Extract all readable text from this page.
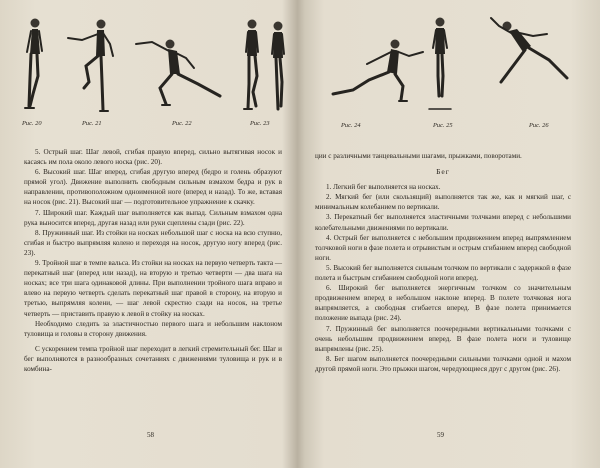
Рис. 20	Рис. 21	Рис. 22	Рис. 23

5. Острый шаг. Шаг левой, сгибая правую вперед, сильно вытягивая носок и касаясь им пола около левого носка (рис. 20).

6. Высокий шаг. Шаг вперед, сгибая другую вперед (бедро и голень образуют прямой угол). Движение выполнить свободным сильным взмахом бедра и рук в направлении, противоположном одноименной ноге (вперед и назад). То же, вставая на носок (рис. 21). Высокий шаг — подготовительное упражнение к скачку.

7. Широкий шаг. Каждый шаг выполняется как выпад. Сильным взмахом одна рука выносится вперед, другая назад или руки сцеплены сзади (рис. 22).

8. Пружинный шаг. Из стойки на носках небольшой шаг с носка на всю ступню, сгибая и быстро выпрямляя колено и переходя на носок, другую ногу вперед (рис. 23).

9. Тройной шаг в темпе вальса. Из стойки на носках на первую четверть такта — перекатный шаг (вперед или назад), на вторую и третью четверти — два шага на носках; все три шага одинаковой длины. При выполнении тройного шага вправо и влево на первую четверть сделать перекатный шаг правой в сторону, на вторую и третью, выпрямляя колени, — шаг левой скрестно сзади на носок, на третье четверть — приставить правую к левой в стойку на носках.

Необходимо следить за эластичностью первого шага и небольшим наклоном туловища и головы в сторону движения.

С ускорением темпа тройной шаг переходит в легкий стремительный бег. Шаг и бег выполняются в разнообразных сочетаниях с движениями туловища и рук и в комбина-

58
Рис. 24	Рис. 25	Рис. 26

ции с различными танцевальными шагами, прыжками, поворотами.

Бег

1. Легкий бег выполняется на носках.

2. Мягкий бег (или скользящий) выполняется так же, как и мягкий шаг, с минимальным колебанием по вертикали.

3. Перекатный бег выполняется эластичными толчками вперед с небольшими колебательными движениями по вертикали.

4. Острый бег выполняется с небольшим продвижением вперед выпрямлением толчковой ноги в фазе полета и отрывистым и острым сгибанием вперед свободной ноги.

5. Высокий бег выполняется сильным толчком по вертикали с задержкой в фазе полета и быстрым сгибанием свободной ноги вперед.

6. Широкий бег выполняется энергичным толчком со значительным продвижением вперед в небольшом наклоне вперед. В полете толчковая нога выпрямляется, а свободная сгибается вперед. В фазе полета принимается положение выпада (рис. 24).

7. Пружинный бег выполняется поочередными вертикальными толчками с очень небольшим продвижением вперед. В фазе полета ноги и туловище выпрямлены (рис. 25).

8. Бег шагом выполняется поочередными сильными толчками одной и махом другой прямой ноги. Это прыжки шагом, чередующиеся друг с другом (рис. 26).

59
